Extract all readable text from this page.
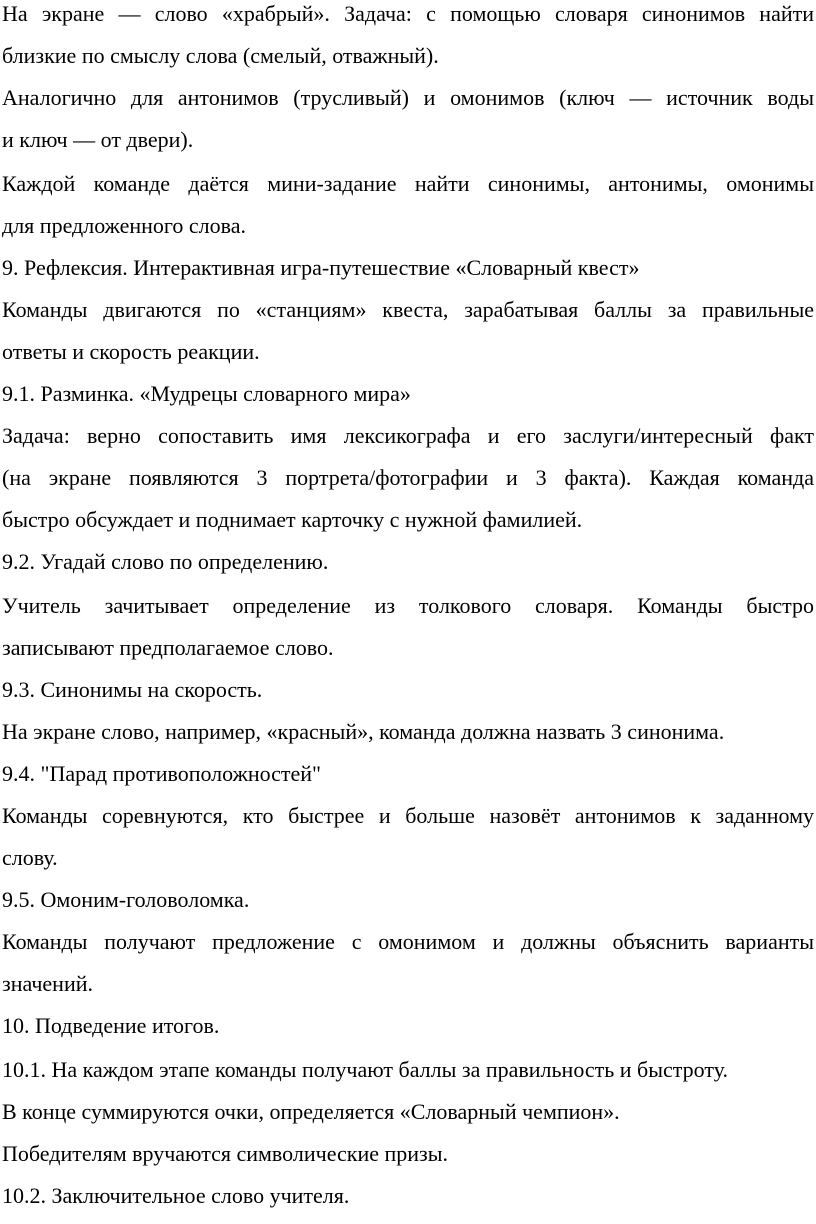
На экране — слово «храбрый». Задача: с помощью словаря синонимов найти
близкие по смыслу слова (смелый, отважный).
Аналогично для антонимов (трусливый) и омонимов (ключ — источник воды
и ключ — от двери).
Каждой команде даётся мини-задание найти синонимы, антонимы, омонимы
для предложенного слова.
9. Рефлексия. Интерактивная игра-путешествие «Словарный квест»
Команды двигаются по «станциям» квеста, зарабатывая баллы за правильные
ответы и скорость реакции.
9.1. Разминка. «Мудрецы словарного мира»
Задача: верно сопоставить имя лексикографа и его заслуги/интересный факт
(на экране появляются 3 портрета/фотографии и 3 факта). Каждая команда
быстро обсуждает и поднимает карточку с нужной фамилией.
9.2. Угадай слово по определению.
Учитель зачитывает определение из толкового словаря. Команды быстро
записывают предполагаемое слово.
9.3. Синонимы на скорость.
На экране слово, например, «красный», команда должна назвать 3 синонима.
9.4. "Парад противоположностей"
Команды соревнуются, кто быстрее и больше назовёт антонимов к заданному
слову.
9.5. Омоним-головоломка.
Команды получают предложение с омонимом и должны объяснить варианты
значений.
10. Подведение итогов.
10.1. На каждом этапе команды получают баллы за правильность и быстроту.
В конце суммируются очки, определяется «Словарный чемпион».
Победителям вручаются символические призы.
10.2. Заключительное слово учителя.
